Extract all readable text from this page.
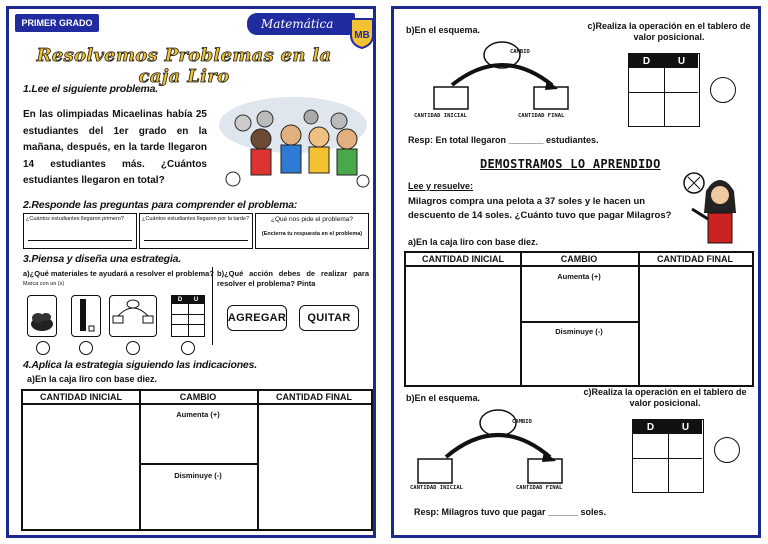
PRIMER GRADO	Matemática
MB
Resolvemos Problemas en la caja Liro
1.Lee el siguiente problema.
En las olimpiadas Micaelinas había 25 estudiantes del 1er grado en la mañana, después, en la tarde llegaron 14 estudiantes más. ¿Cuántos estudiantes llegaron en total?
2.Responde las preguntas para comprender el problema:
¿Cuántos estudiantes llegaron primero?	¿Cuántos estudiantes llegaron por la tarde?	¿Qué nos pide el problema?
(Encierra tu respuesta en el problema)
3.Piensa y diseña una estrategia.
a)¿Qué materiales te ayudará a resolver el problema?
Marca con un (x)
b)¿Qué acción debes de realizar para resolver el problema? Pinta
D U
AGREGAR	QUITAR
4.Aplica la estrategia siguiendo las indicaciones.
a)En la caja liro con base diez.
CANTIDAD INICIAL	CAMBIO	CANTIDAD FINAL
Aumenta (+)
Disminuye (-)
b)En el esquema.	c)Realiza la operación en el tablero de valor posicional.
CAMBIO
CANTIDAD INICIAL	CANTIDAD FINAL
D	U
Resp: En total llegaron _______ estudiantes.
DEMOSTRAMOS LO APRENDIDO
Lee y resuelve:
Milagros compra una pelota a 37 soles y le hacen un descuento de 14 soles. ¿Cuánto tuvo que pagar Milagros?
a)En la caja liro con base diez.
CANTIDAD INICIAL	CAMBIO	CANTIDAD FINAL
Aumenta (+)
Disminuye (-)
b)En el esquema.
c)Realiza la operación en el tablero de valor posicional.
CAMBIO
CANTIDAD INICIAL	CANTIDAD FINAL
D	U
Resp: Milagros tuvo que pagar ______ soles.
